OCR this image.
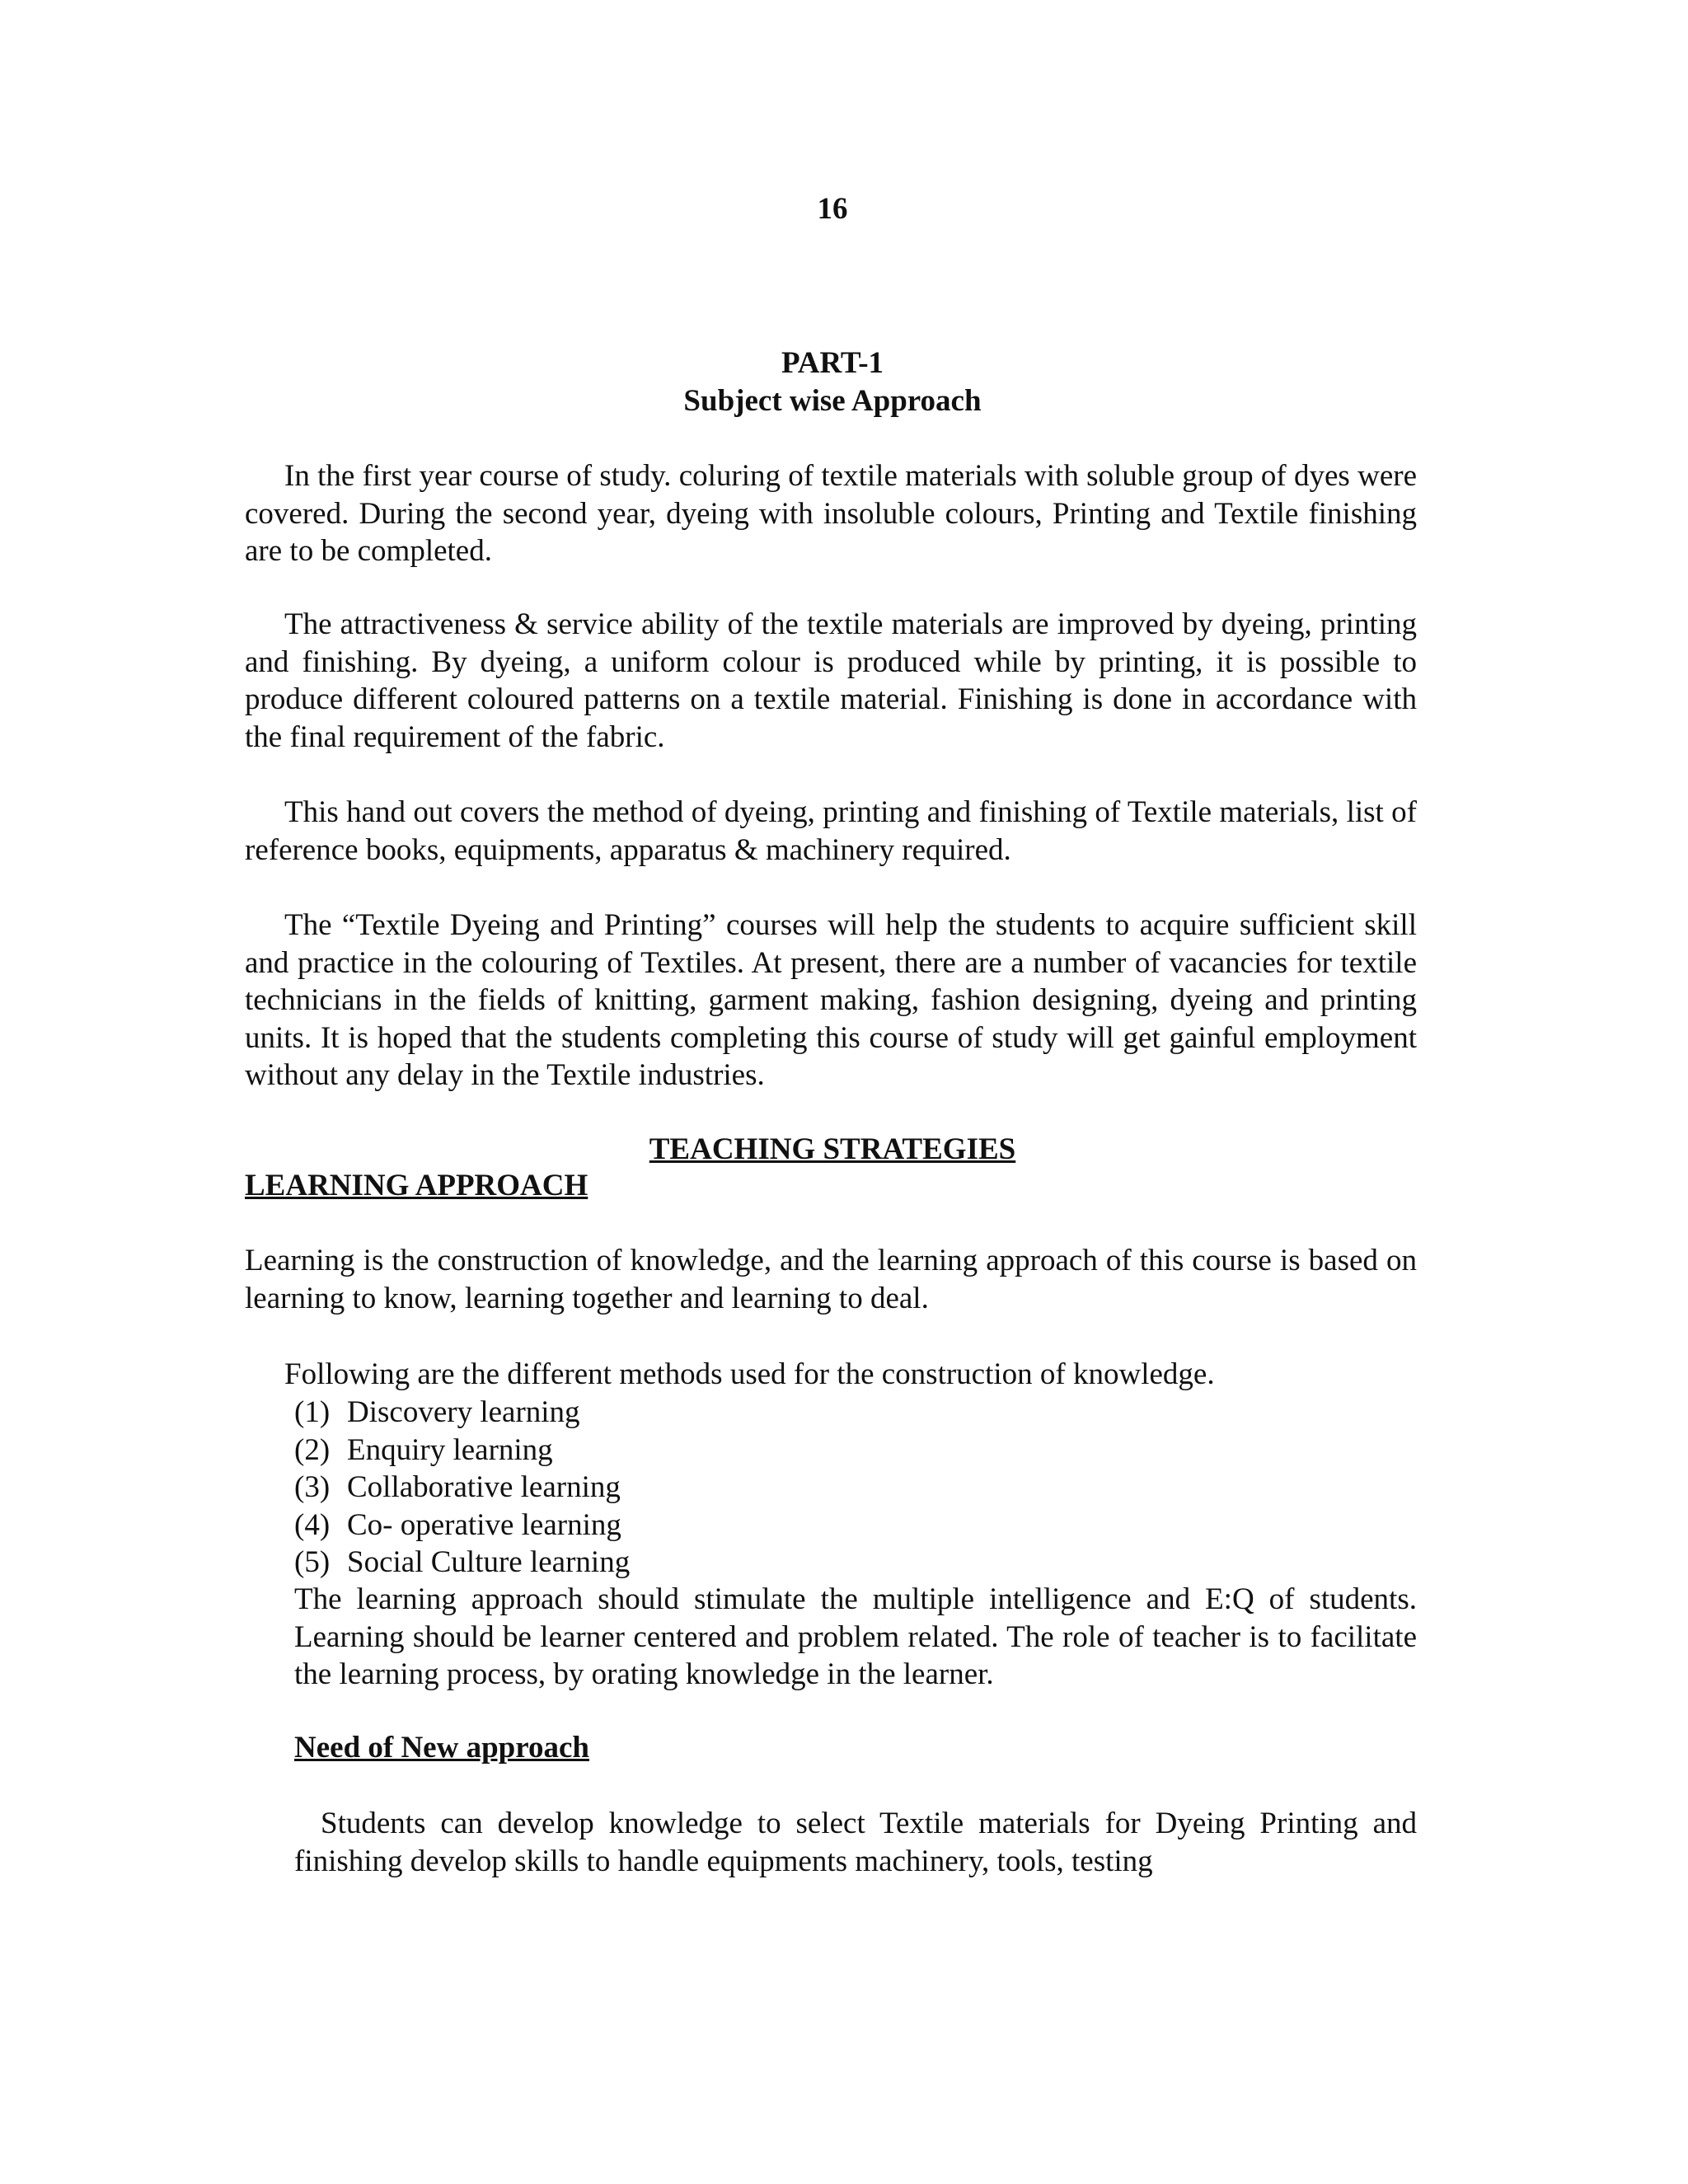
16
PART-1
Subject wise Approach

In the first year course of study. coluring of textile materials with soluble group of dyes were covered. During the second year, dyeing with insoluble colours, Printing and Textile finishing are to be completed.

The attractiveness & service ability of the textile materials are improved by dyeing, printing and finishing. By dyeing, a uniform colour is produced while by printing, it is possible to produce different coloured patterns on a textile material. Finishing is done in accordance with the final requirement of the fabric.

This hand out covers the method of dyeing, printing and finishing of Textile materials, list of reference books, equipments, apparatus & machinery required.

The “Textile Dyeing and Printing” courses will help the students to acquire sufficient skill and practice in the colouring of Textiles. At present, there are a number of vacancies for textile technicians in the fields of knitting, garment making, fashion designing, dyeing and printing units. It is hoped that the students completing this course of study will get gainful employment without any delay in the Textile industries.

TEACHING STRATEGIES
LEARNING APPROACH

Learning is the construction of knowledge, and the learning approach of this course is based on learning to know, learning together and learning to deal.

Following are the different methods used for the construction of knowledge.
(1) Discovery learning
(2) Enquiry learning
(3) Collaborative learning
(4) Co- operative learning
(5) Social Culture learning

The learning approach should stimulate the multiple intelligence and E:Q of students. Learning should be learner centered and problem related. The role of teacher is to facilitate the learning process, by orating knowledge in the learner.

Need of New approach

Students can develop knowledge to select Textile materials for Dyeing Printing and finishing develop skills to handle equipments machinery, tools, testing
